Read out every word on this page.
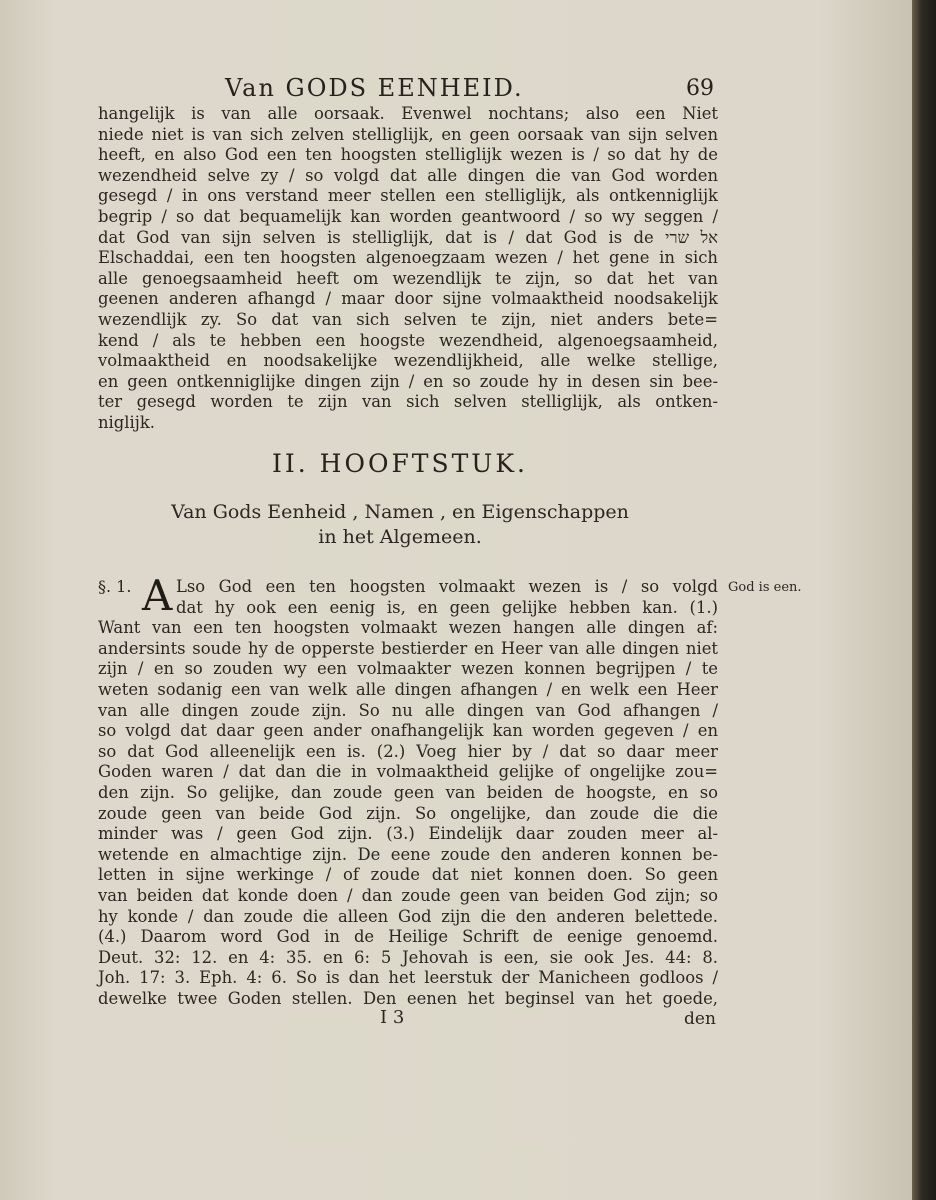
Van GODS EENHEID.	69
hangelijk is van alle oorsaak. Evenwel nochtans; also een Niet
niede niet is van sich zelven stelliglijk, en geen oorsaak van sijn selven
heeft, en also God een ten hoogsten stelliglijk wezen is / so dat hy de
wezendheid selve zy / so volgd dat alle dingen die van God worden
gesegd / in ons verstand meer stellen een stelliglijk, als ontkenniglijk
begrip / so dat bequamelijk kan worden geantwoord / so wy seggen /
dat God van sijn selven is stelliglijk, dat is / dat God is de אל שרי
Elschaddai, een ten hoogsten algenoegzaam wezen / het gene in sich
alle genoegsaamheid heeft om wezendlijk te zijn, so dat het van
geenen anderen afhangd / maar door sijne volmaaktheid noodsakelijk
wezendlijk zy. So dat van sich selven te zijn, niet anders bete=
kend / als te hebben een hoogste wezendheid, algenoegsaamheid,
volmaaktheid en noodsakelijke wezendlijkheid, alle welke stellige,
en geen ontkenniglijke dingen zijn / en so zoude hy in desen sin bee-
ter gesegd worden te zijn van sich selven stelliglijk, als ontken-
niglijk.
II. HOOFTSTUK.
Van Gods Eenheid , Namen , en Eigenschappen
in het Algemeen.
§. 1. A Lso God een ten hoogsten volmaakt wezen is / so volgd
dat hy ook een eenig is, en geen gelijke hebben kan. (1.)
Want van een ten hoogsten volmaakt wezen hangen alle dingen af:
andersints soude hy de opperste bestierder en Heer van alle dingen niet
zijn / en so zouden wy een volmaakter wezen konnen begrijpen / te
weten sodanig een van welk alle dingen afhangen / en welk een Heer
van alle dingen zoude zijn. So nu alle dingen van God afhangen /
so volgd dat daar geen ander onafhangelijk kan worden gegeven / en
so dat God alleenelijk een is. (2.) Voeg hier by / dat so daar meer
Goden waren / dat dan die in volmaaktheid gelijke of ongelijke zou=
den zijn. So gelijke, dan zoude geen van beiden de hoogste, en so
zoude geen van beide God zijn. So ongelijke, dan zoude die die
minder was / geen God zijn. (3.) Eindelijk daar zouden meer al-
wetende en almachtige zijn. De eene zoude den anderen konnen be-
letten in sijne werkinge / of zoude dat niet konnen doen. So geen
van beiden dat konde doen / dan zoude geen van beiden God zijn; so
hy konde / dan zoude die alleen God zijn die den anderen belettede.
(4.) Daarom word God in de Heilige Schrift de eenige genoemd.
Deut. 32: 12. en 4: 35. en 6: 5 Jehovah is een, sie ook Jes. 44: 8.
Joh. 17: 3. Eph. 4: 6. So is dan het leerstuk der Manicheen godloos /
dewelke twee Goden stellen. Den eenen het beginsel van het goede,
God is een.
I 3	den
